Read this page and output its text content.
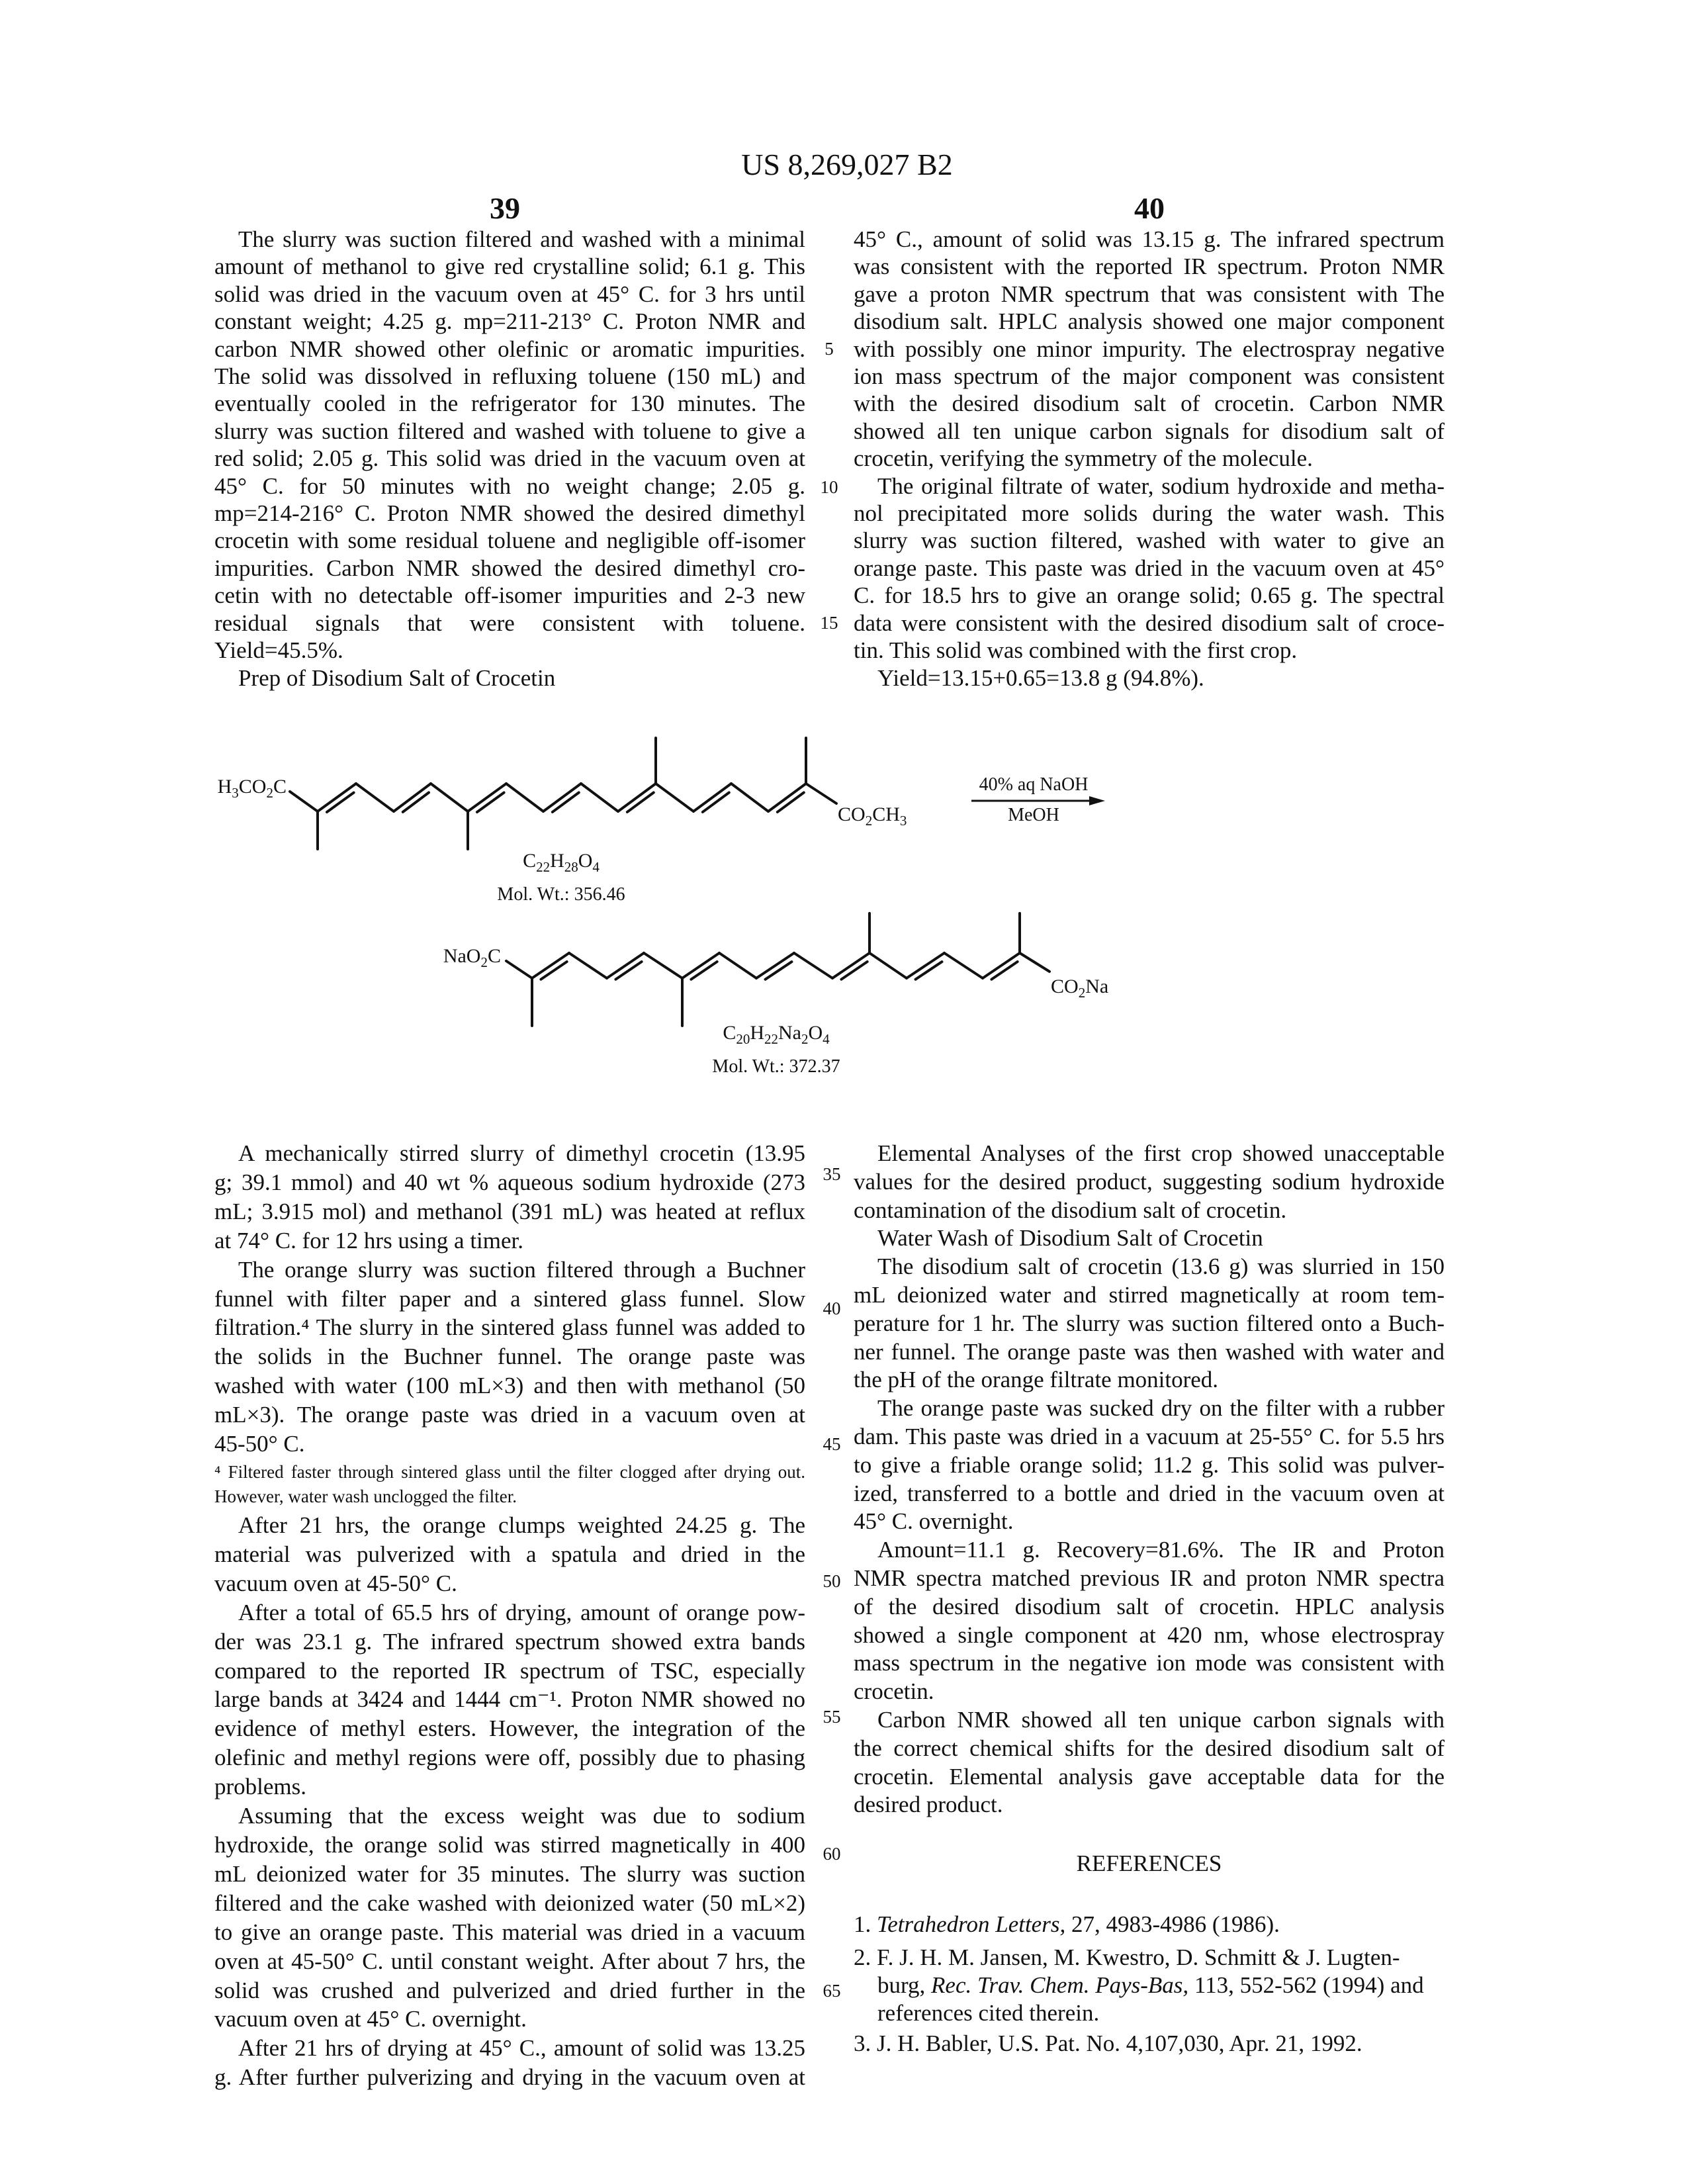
US 8,269,027 B2
39	40
The slurry was suction filtered and washed with a minimal
amount of methanol to give red crystalline solid; 6.1 g. This
solid was dried in the vacuum oven at 45° C. for 3 hrs until
constant weight; 4.25 g. mp=211-213° C. Proton NMR and
carbon NMR showed other olefinic or aromatic impurities.
The solid was dissolved in refluxing toluene (150 mL) and
eventually cooled in the refrigerator for 130 minutes. The
slurry was suction filtered and washed with toluene to give a
red solid; 2.05 g. This solid was dried in the vacuum oven at
45° C. for 50 minutes with no weight change; 2.05 g.
mp=214-216° C. Proton NMR showed the desired dimethyl
crocetin with some residual toluene and negligible off-isomer
impurities. Carbon NMR showed the desired dimethyl cro-
cetin with no detectable off-isomer impurities and 2-3 new
residual signals that were consistent with toluene.
Yield=45.5%.
Prep of Disodium Salt of Crocetin
45° C., amount of solid was 13.15 g. The infrared spectrum
was consistent with the reported IR spectrum. Proton NMR
gave a proton NMR spectrum that was consistent with The
disodium salt. HPLC analysis showed one major component
with possibly one minor impurity. The electrospray negative
ion mass spectrum of the major component was consistent
with the desired disodium salt of crocetin. Carbon NMR
showed all ten unique carbon signals for disodium salt of
crocetin, verifying the symmetry of the molecule.
The original filtrate of water, sodium hydroxide and metha-
nol precipitated more solids during the water wash. This
slurry was suction filtered, washed with water to give an
orange paste. This paste was dried in the vacuum oven at 45°
C. for 18.5 hrs to give an orange solid; 0.65 g. The spectral
data were consistent with the desired disodium salt of croce-
tin. This solid was combined with the first crop.
Yield=13.15+0.65=13.8 g (94.8%).
A mechanically stirred slurry of dimethyl crocetin (13.95
g; 39.1 mmol) and 40 wt % aqueous sodium hydroxide (273
mL; 3.915 mol) and methanol (391 mL) was heated at reflux
at 74° C. for 12 hrs using a timer.
The orange slurry was suction filtered through a Buchner
funnel with filter paper and a sintered glass funnel. Slow
filtration.⁴ The slurry in the sintered glass funnel was added to
the solids in the Buchner funnel. The orange paste was
washed with water (100 mL×3) and then with methanol (50
mL×3). The orange paste was dried in a vacuum oven at
45-50° C.
⁴ Filtered faster through sintered glass until the filter clogged after drying out.
However, water wash unclogged the filter.
After 21 hrs, the orange clumps weighted 24.25 g. The
material was pulverized with a spatula and dried in the
vacuum oven at 45-50° C.
After a total of 65.5 hrs of drying, amount of orange pow-
der was 23.1 g. The infrared spectrum showed extra bands
compared to the reported IR spectrum of TSC, especially
large bands at 3424 and 1444 cm⁻¹. Proton NMR showed no
evidence of methyl esters. However, the integration of the
olefinic and methyl regions were off, possibly due to phasing
problems.
Assuming that the excess weight was due to sodium
hydroxide, the orange solid was stirred magnetically in 400
mL deionized water for 35 minutes. The slurry was suction
filtered and the cake washed with deionized water (50 mL×2)
to give an orange paste. This material was dried in a vacuum
oven at 45-50° C. until constant weight. After about 7 hrs, the
solid was crushed and pulverized and dried further in the
vacuum oven at 45° C. overnight.
After 21 hrs of drying at 45° C., amount of solid was 13.25
g. After further pulverizing and drying in the vacuum oven at
Elemental Analyses of the first crop showed unacceptable
values for the desired product, suggesting sodium hydroxide
contamination of the disodium salt of crocetin.
Water Wash of Disodium Salt of Crocetin
The disodium salt of crocetin (13.6 g) was slurried in 150
mL deionized water and stirred magnetically at room tem-
perature for 1 hr. The slurry was suction filtered onto a Buch-
ner funnel. The orange paste was then washed with water and
the pH of the orange filtrate monitored.
The orange paste was sucked dry on the filter with a rubber
dam. This paste was dried in a vacuum at 25-55° C. for 5.5 hrs
to give a friable orange solid; 11.2 g. This solid was pulver-
ized, transferred to a bottle and dried in the vacuum oven at
45° C. overnight.
Amount=11.1 g. Recovery=81.6%. The IR and Proton
NMR spectra matched previous IR and proton NMR spectra
of the desired disodium salt of crocetin. HPLC analysis
showed a single component at 420 nm, whose electrospray
mass spectrum in the negative ion mode was consistent with
crocetin.
Carbon NMR showed all ten unique carbon signals with
the correct chemical shifts for the desired disodium salt of
crocetin. Elemental analysis gave acceptable data for the
desired product.
5
10
15
35
40
45
50
55
60
65
H3CO2C
CO2CH3
C22H28O4
Mol. Wt.: 356.46
40% aq NaOH
MeOH
NaO2C
CO2Na
C20H22Na2O4
Mol. Wt.: 372.37
REFERENCES
1. Tetrahedron Letters, 27, 4983-4986 (1986).
2. F. J. H. M. Jansen, M. Kwestro, D. Schmitt & J. Lugten-
burg, Rec. Trav. Chem. Pays-Bas, 113, 552-562 (1994) and
references cited therein.
3. J. H. Babler, U.S. Pat. No. 4,107,030, Apr. 21, 1992.
